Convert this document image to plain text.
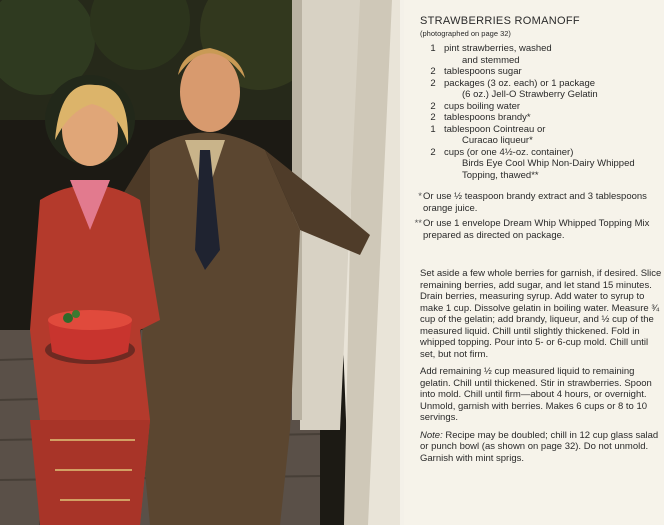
STRAWBERRIES ROMANOFF
(photographed on page 32)
1 pint strawberries, washed
and stemmed
2 tablespoons sugar
2 packages (3 oz. each) or 1 package
(6 oz.) Jell-O Strawberry Gelatin
2 cups boiling water
2 tablespoons brandy*
1 tablespoon Cointreau or
Curacao liqueur*
2 cups (or one 4½-oz. container)
Birds Eye Cool Whip Non-Dairy Whipped Topping, thawed**
* Or use ½ teaspoon brandy extract and 3 tablespoons orange juice.
** Or use 1 envelope Dream Whip Whipped Topping Mix prepared as directed on package.

Set aside a few whole berries for garnish, if desired. Slice remaining berries, add sugar, and let stand 15 minutes. Drain berries, measuring syrup. Add water to syrup to make 1 cup. Dissolve gelatin in boiling water. Measure ¾ cup of the gelatin; add brandy, liqueur, and ½ cup of the measured liquid. Chill until slightly thickened. Fold in whipped topping. Pour into 5- or 6-cup mold. Chill until set, but not firm.

Add remaining ½ cup measured liquid to remaining gelatin. Chill until thickened. Stir in strawberries. Spoon into mold. Chill until firm—about 4 hours, or overnight. Unmold, garnish with berries. Makes 6 cups or 8 to 10 servings.

Note: Recipe may be doubled; chill in 12 cup glass salad or punch bowl (as shown on page 32). Do not unmold. Garnish with mint sprigs.
